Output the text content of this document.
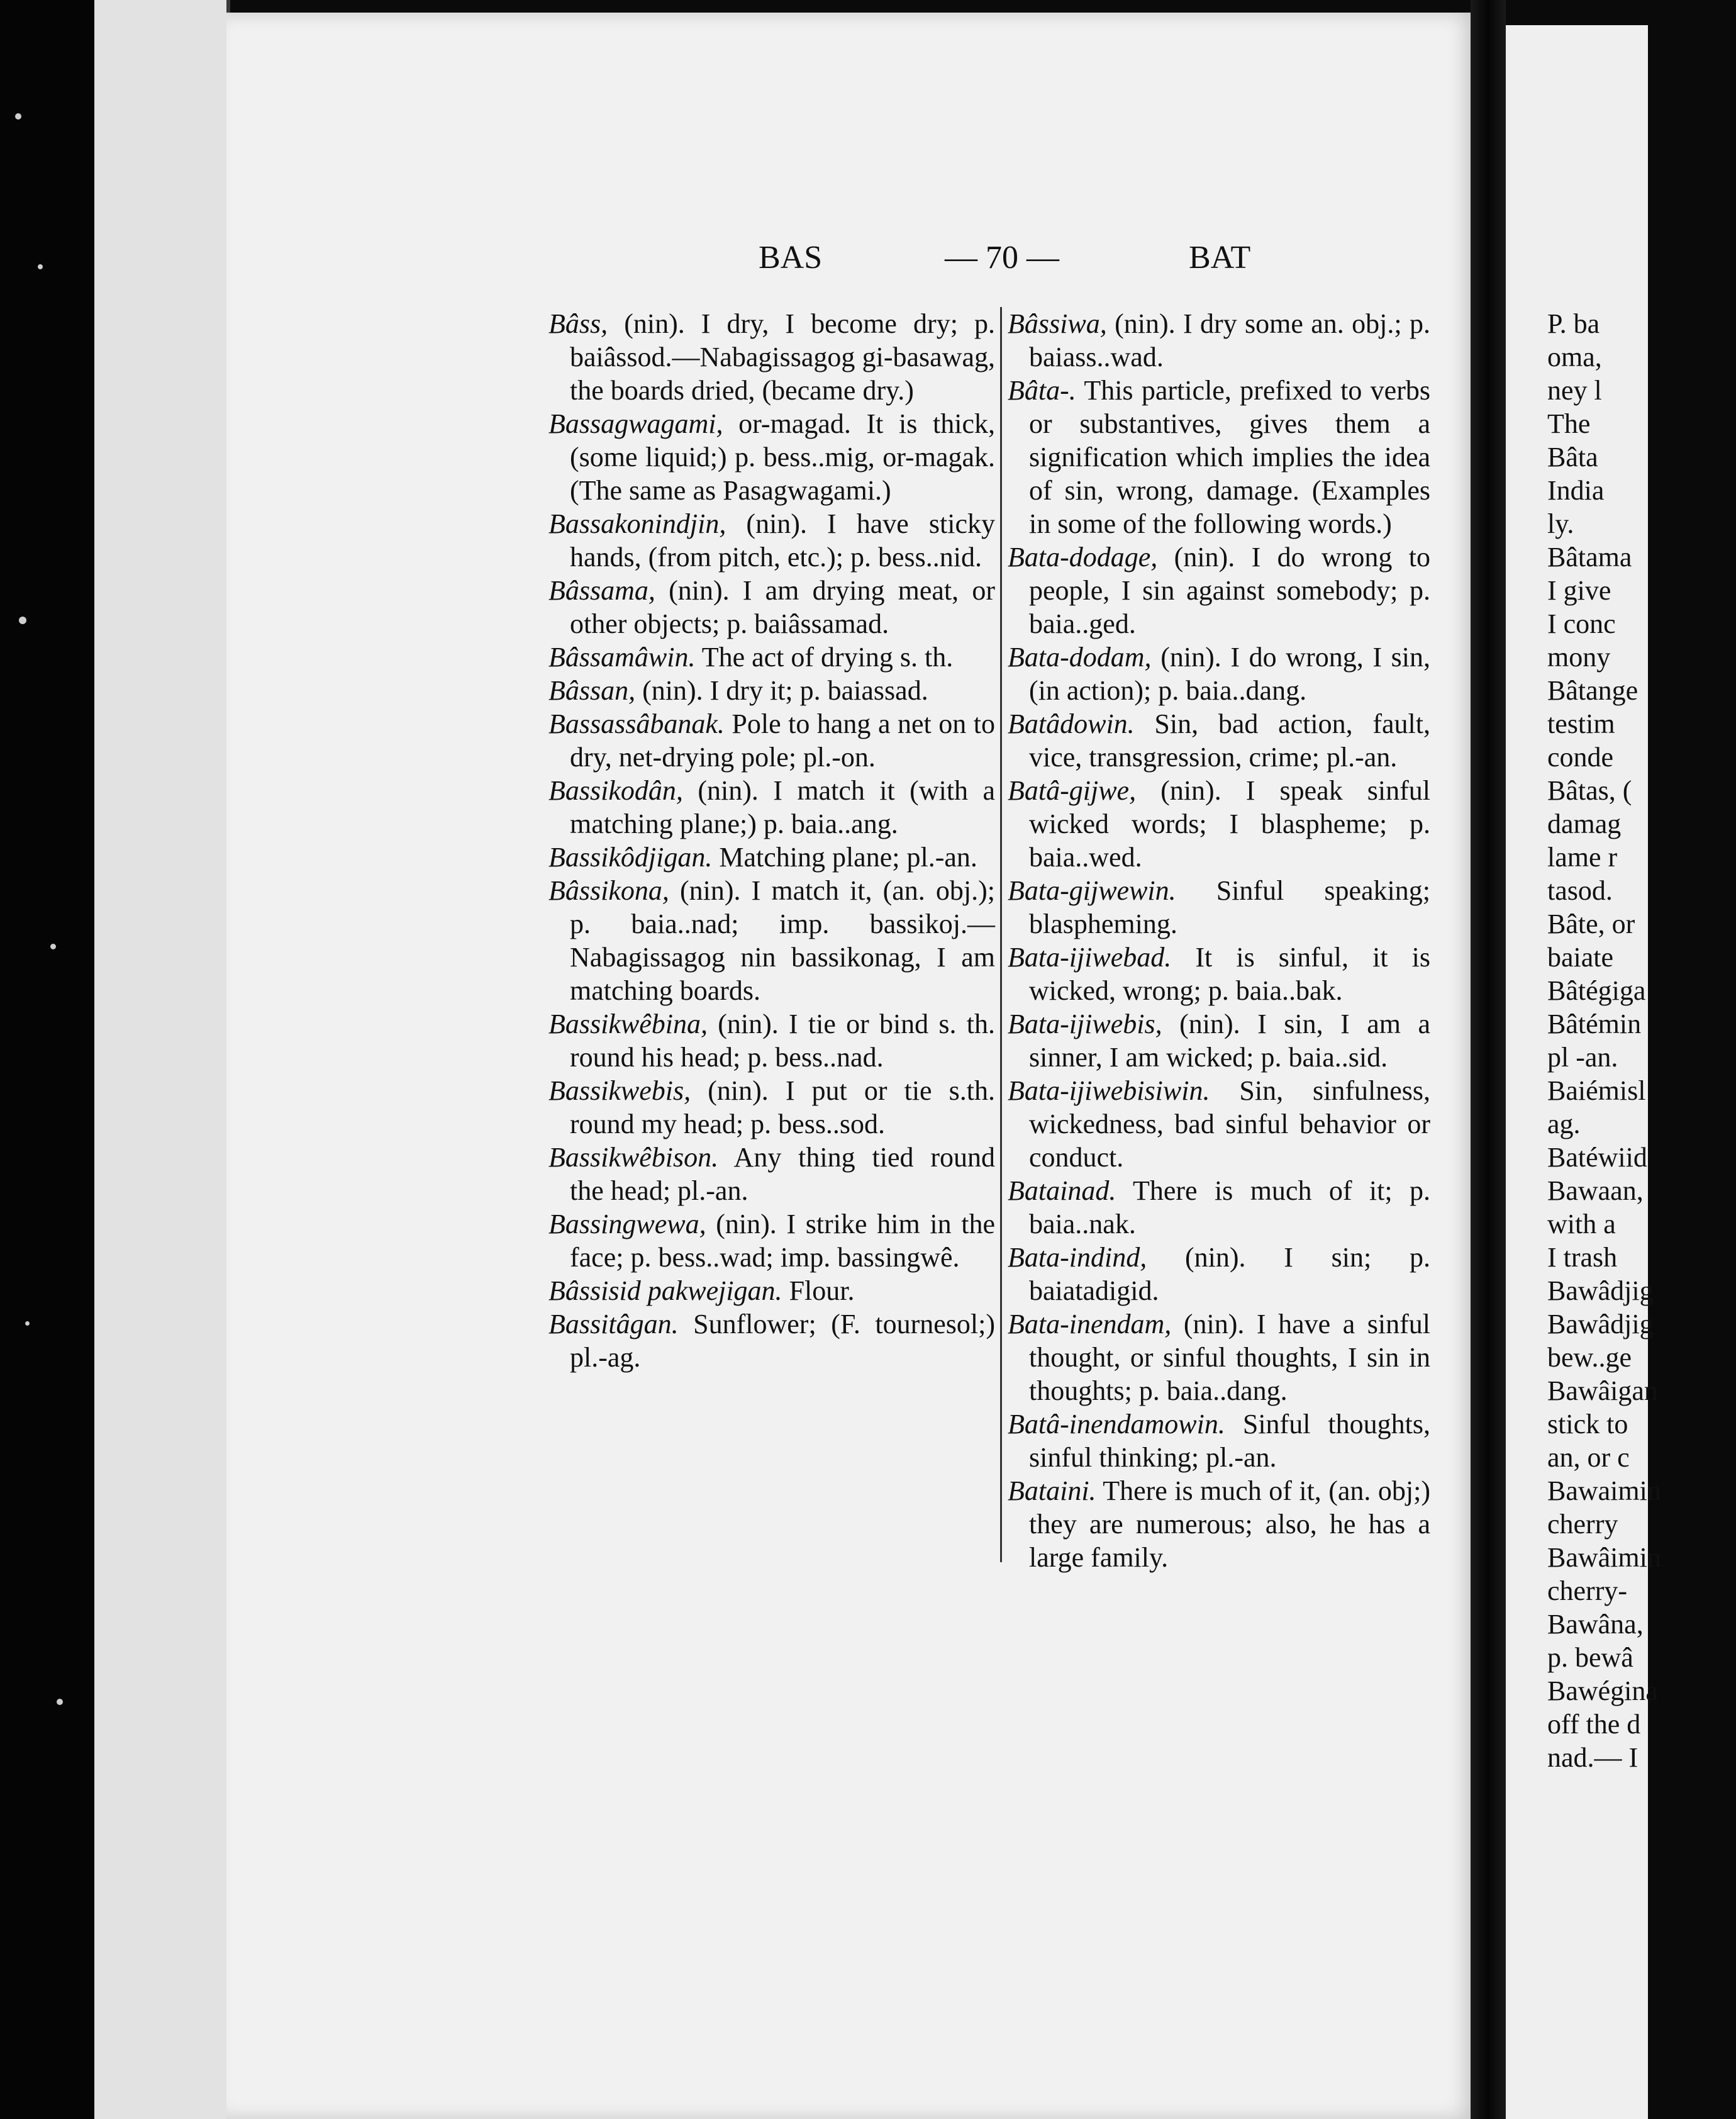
BAS	— 70 —	BAT

Bâss, (nin). I dry, I become dry; p. baiâssod.—Nabagissagog gi-basawag, the boards dried, (became dry.)

Bassagwagami, or-magad. It is thick, (some liquid;) p. bess..mig, or-magak. (The same as Pasagwagami.)

Bassakonindjin, (nin). I have sticky hands, (from pitch, etc.); p. bess..nid.

Bâssama, (nin). I am drying meat, or other objects; p. baiâssamad.

Bâssamâwin. The act of drying s. th.

Bâssan, (nin). I dry it; p. baiassad.

Bassassâbanak. Pole to hang a net on to dry, net-drying pole; pl.-on.

Bassikodân, (nin). I match it (with a matching plane;) p. baia..ang.

Bassikôdjigan. Matching plane; pl.-an.

Bâssikona, (nin). I match it, (an. obj.); p. baia..nad; imp. bassikoj.— Nabagissagog nin bassikonag, I am matching boards.

Bassikwêbina, (nin). I tie or bind s. th. round his head; p. bess..nad.

Bassikwebis, (nin). I put or tie s.th. round my head; p. bess..sod.

Bassikwêbison. Any thing tied round the head; pl.-an.

Bassingwewa, (nin). I strike him in the face; p. bess..wad; imp. bassingwê.

Bâssisid pakwejigan. Flour.

Bassitâgan. Sunflower; (F. tournesol;) pl.-ag.

Bâssiwa, (nin). I dry some an. obj.; p. baiass..wad.

Bâta-. This particle, prefixed to verbs or substantives, gives them a signification which implies the idea of sin, wrong, damage. (Examples in some of the following words.)

Bata-dodage, (nin). I do wrong to people, I sin against somebody; p. baia..ged.

Bata-dodam, (nin). I do wrong, I sin, (in action); p. baia..dang.

Batâdowin. Sin, bad action, fault, vice, transgression, crime; pl.-an.

Batâ-gijwe, (nin). I speak sinful wicked words; I blaspheme; p. baia..wed.

Bata-gijwewin. Sinful speaking; blaspheming.

Bata-ijiwebad. It is sinful, it is wicked, wrong; p. baia..bak.

Bata-ijiwebis, (nin). I sin, I am a sinner, I am wicked; p. baia..sid.

Bata-ijiwebisiwin. Sin, sinfulness, wickedness, bad sinful behavior or conduct.

Batainad. There is much of it; p. baia..nak.

Bata-indind, (nin). I sin; p. baiatadigid.

Bata-inendam, (nin). I have a sinful thought, or sinful thoughts, I sin in thoughts; p. baia..dang.

Batâ-inendamowin. Sinful thoughts, sinful thinking; pl.-an.

Bataini. There is much of it, (an. obj;) they are numerous; also, he has a large family.

P. ba
oma,
ney l
The
Bâta
India
ly.
Bâtama
I give
I conc
mony
Bâtange
testim
conde
Bâtas, (
damag
lame r
tasod.
Bâte, or
baiate
Bâtégiga
Bâtémin
pl -an.
Baiémisl
ag.
Batéwiid
Bawaan,
with a
I trash
Bawâdjig
Bawâdjig
bew..ge
Bawâigan
stick to
an, or c
Bawaimin
cherry
Bawâimin
cherry-
Bawâna,
p. bewâ
Bawégina
off the d
nad.— I
